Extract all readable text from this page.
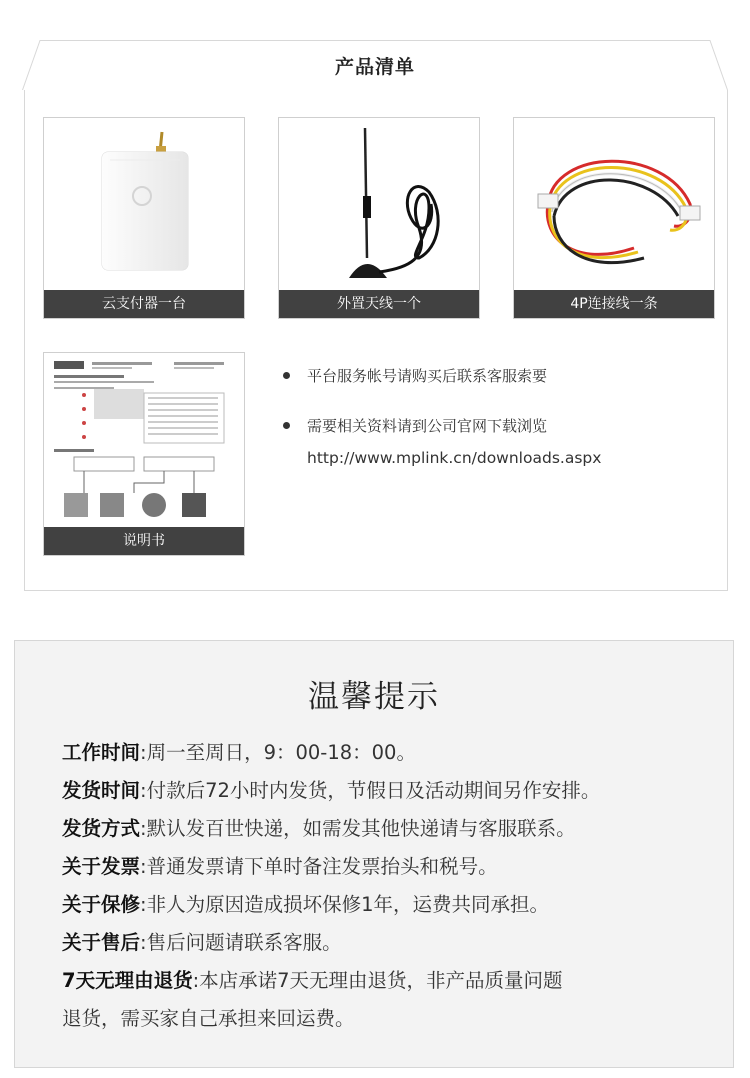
产品清单
云支付器一台	外置天线一个	4P连接线一条
说明书
平台服务帐号请购买后联系客服索要
需要相关资料请到公司官网下载浏览
http://www.mplink.cn/downloads.aspx
温馨提示
工作时间:周一至周日，9：00-18：00。
发货时间:付款后72小时内发货，节假日及活动期间另作安排。
发货方式:默认发百世快递，如需发其他快递请与客服联系。
关于发票:普通发票请下单时备注发票抬头和税号。
关于保修:非人为原因造成损坏保修1年，运费共同承担。
关于售后:售后问题请联系客服。
7天无理由退货:本店承诺7天无理由退货，非产品质量问题
退货，需买家自己承担来回运费。
